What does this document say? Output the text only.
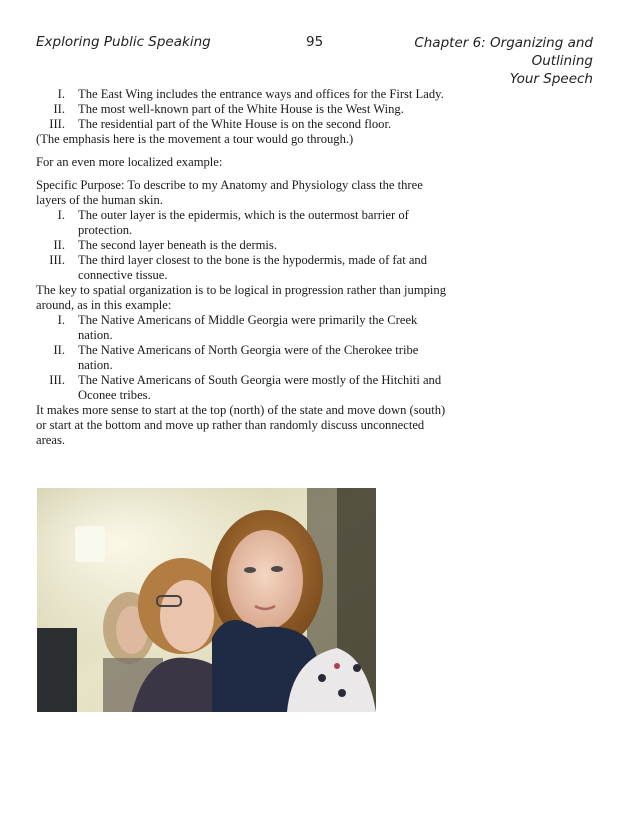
Exploring Public Speaking	95	Chapter 6: Organizing and Outlining
Your Speech
I. The East Wing includes the entrance ways and offices for the First Lady.
II. The most well-known part of the White House is the West Wing.
III. The residential part of the White House is on the second floor.

(The emphasis here is the movement a tour would go through.)

For an even more localized example:

Specific Purpose: To describe to my Anatomy and Physiology class the three layers of the human skin.

I. The outer layer is the epidermis, which is the outermost barrier of protection.
II. The second layer beneath is the dermis.
III. The third layer closest to the bone is the hypodermis, made of fat and connective tissue.

The key to spatial organization is to be logical in progression rather than jumping around, as in this example:

I. The Native Americans of Middle Georgia were primarily the Creek nation.
II. The Native Americans of North Georgia were of the Cherokee tribe nation.
III. The Native Americans of South Georgia were mostly of the Hitchiti and Oconee tribes.

It makes more sense to start at the top (north) of the state and move down (south) or start at the bottom and move up rather than randomly discuss unconnected areas.
